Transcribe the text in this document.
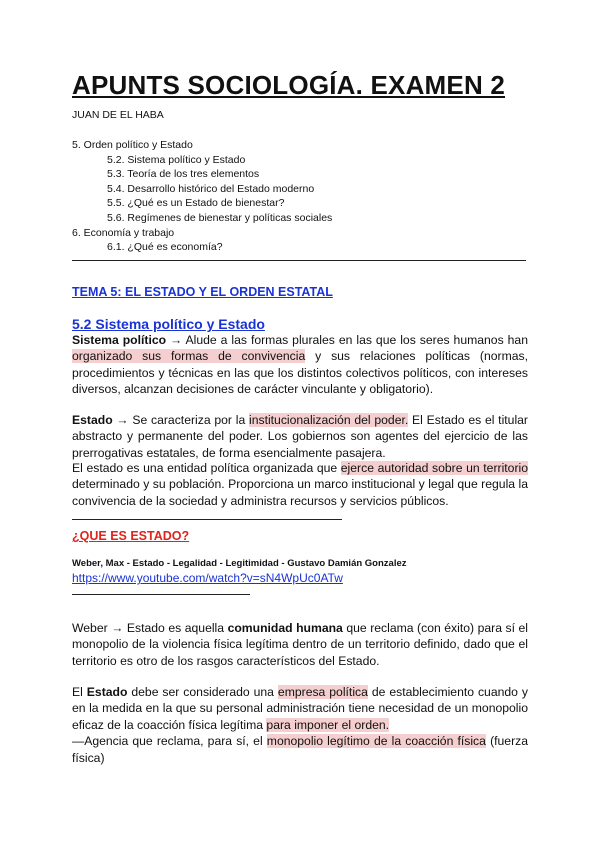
APUNTS SOCIOLOGÍA. EXAMEN 2
JUAN DE EL HABA
5. Orden político y Estado
5.2. Sistema político y Estado
5.3. Teoría de los tres elementos
5.4. Desarrollo histórico del Estado moderno
5.5. ¿Qué es un Estado de bienestar?
5.6. Regímenes de bienestar y políticas sociales
6. Economía y trabajo
6.1. ¿Qué es economía?
TEMA 5: EL ESTADO Y EL ORDEN ESTATAL
5.2 Sistema político y Estado
Sistema político → Alude a las formas plurales en las que los seres humanos han organizado sus formas de convivencia y sus relaciones políticas (normas, procedimientos y técnicas en las que los distintos colectivos políticos, con intereses diversos, alcanzan decisiones de carácter vinculante y obligatorio).
Estado → Se caracteriza por la institucionalización del poder. El Estado es el titular abstracto y permanente del poder. Los gobiernos son agentes del ejercicio de las prerrogativas estatales, de forma esencialmente pasajera.
El estado es una entidad política organizada que ejerce autoridad sobre un territorio determinado y su población. Proporciona un marco institucional y legal que regula la convivencia de la sociedad y administra recursos y servicios públicos.
¿QUE ES ESTADO?
Weber, Max - Estado - Legalidad - Legitimidad - Gustavo Damián Gonzalez
https://www.youtube.com/watch?v=sN4WpUc0ATw
Weber → Estado es aquella comunidad humana que reclama (con éxito) para sí el monopolio de la violencia física legítima dentro de un territorio definido, dado que el territorio es otro de los rasgos característicos del Estado.
El Estado debe ser considerado una empresa política de establecimiento cuando y en la medida en la que su personal administración tiene necesidad de un monopolio eficaz de la coacción física legítima para imponer el orden.
—Agencia que reclama, para sí, el monopolio legítimo de la coacción física (fuerza física)
